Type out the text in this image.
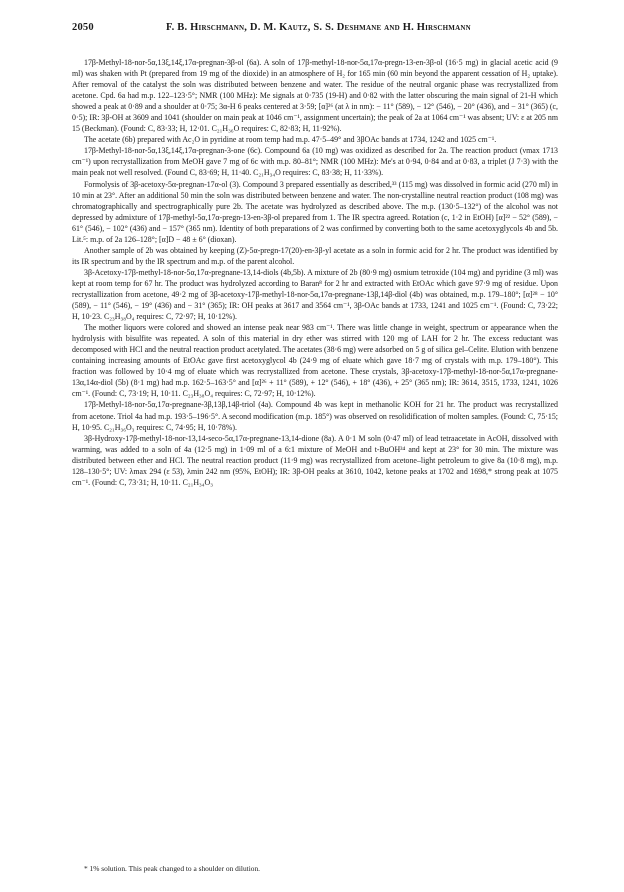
2050	F. B. Hirschmann, D. M. Kautz, S. S. Deshmane and H. Hirschmann

17β-Methyl-18-nor-5α,13ξ,14ξ,17α-pregnan-3β-ol (6a). A soln of 17β-methyl-18-nor-5α,17α-pregn-13-en-3β-ol (16·5 mg) in glacial acetic acid (9 ml) was shaken with Pt (prepared from 19 mg of the dioxide) in an atmosphere of H₂ for 165 min (60 min beyond the apparent cessation of H₂ uptake). After removal of the catalyst the soln was distributed between benzene and water. The residue of the neutral organic phase was recrystallized from acetone. Cpd. 6a had m.p. 122–123·5°; NMR (100 MHz): Me signals at 0·735 (19-H) and 0·82 with the latter obscuring the main signal of 21-H which showed a peak at 0·89 and a shoulder at 0·75; 3α-H 6 peaks centered at 3·59; [α]²⁶ (at λ in nm): − 11° (589), − 12° (546), − 20° (436), and − 31° (365) (c, 0·5); IR: 3β-OH at 3609 and 1041 (shoulder on main peak at 1046 cm⁻¹, assignment uncertain); the peak of 2a at 1064 cm⁻¹ was absent; UV: ε at 205 nm 15 (Beckman). (Found: C, 83·33; H, 12·01. C₂₁H₃₆O requires: C, 82·83; H, 11·92%).

The acetate (6b) prepared with Ac₂O in pyridine at room temp had m.p. 47·5–49° and 3βOAc bands at 1734, 1242 and 1025 cm⁻¹.

17β-Methyl-18-nor-5α,13ξ,14ξ,17α-pregnan-3-one (6c). Compound 6a (10 mg) was oxidized as described for 2a. The reaction product (νmax 1713 cm⁻¹) upon recrystallization from MeOH gave 7 mg of 6c with m.p. 80–81°; NMR (100 MHz): Me's at 0·94, 0·84 and at 0·83, a triplet (J 7·3) with the main peak not well resolved. (Found C, 83·69; H, 11·40. C₂₁H₃₄O requires: C, 83·38; H, 11·33%).

Formolysis of 3β-acetoxy-5α-pregnan-17α-ol (3). Compound 3 prepared essentially as described,³³ (115 mg) was dissolved in formic acid (270 ml) in 10 min at 23°. After an additional 50 min the soln was distributed between benzene and water. The non-crystalline neutral reaction product (108 mg) was chromatographically and spectrographically pure 2b. The acetate was hydrolyzed as described above. The m.p. (130·5–132°) of the alcohol was not depressed by admixture of 17β-methyl-5α,17α-pregn-13-en-3β-ol prepared from 1. The IR spectra agreed. Rotation (c, 1·2 in EtOH) [α]²² − 52° (589), − 61° (546), − 102° (436) and − 157° (365 nm). Identity of both preparations of 2 was confirmed by converting both to the same acetoxyglycols 4b and 5b. Lit.⁵: m.p. of 2a 126–128°; [α]D − 48 ± 6° (dioxan).

Another sample of 2b was obtained by keeping (Z)-5α-pregn-17(20)-en-3β-yl acetate as a soln in formic acid for 2 hr. The product was identified by its IR spectrum and by the IR spectrum and m.p. of the parent alcohol.

3β-Acetoxy-17β-methyl-18-nor-5α,17α-pregnane-13,14-diols (4b,5b). A mixture of 2b (80·9 mg) osmium tetroxide (104 mg) and pyridine (3 ml) was kept at room temp for 67 hr. The product was hydrolyzed according to Baran⁸ for 2 hr and extracted with EtOAc which gave 97·9 mg of residue. Upon recrystallization from acetone, 49·2 mg of 3β-acetoxy-17β-methyl-18-nor-5α,17α-pregnane-13β,14β-diol (4b) was obtained, m.p. 179–180°; [α]²⁸ − 10° (589), − 11° (546), − 19° (436) and − 31° (365); IR: OH peaks at 3617 and 3564 cm⁻¹, 3β-OAc bands at 1733, 1241 and 1025 cm⁻¹. (Found: C, 73·22; H, 10·23. C₂₃H₃₈O₄ requires: C, 72·97; H, 10·12%).

The mother liquors were colored and showed an intense peak near 983 cm⁻¹. There was little change in weight, spectrum or appearance when the hydrolysis with bisulfite was repeated. A soln of this material in dry ether was stirred with 120 mg of LAH for 2 hr. The excess reductant was decomposed with HCl and the neutral reaction product acetylated. The acetates (38·6 mg) were adsorbed on 5 g of silica gel–Celite. Elution with benzene containing increasing amounts of EtOAc gave first acetoxyglycol 4b (24·9 mg of eluate which gave 18·7 mg of crystals with m.p. 179–180°). This fraction was followed by 10·4 mg of eluate which was recrystallized from acetone. These crystals, 3β-acetoxy-17β-methyl-18-nor-5α,17α-pregnane-13α,14α-diol (5b) (8·1 mg) had m.p. 162·5–163·5° and [α]²⁶ + 11° (589), + 12° (546), + 18° (436), + 25° (365 nm); IR: 3614, 3515, 1733, 1241, 1026 cm⁻¹. (Found: C, 73·19; H, 10·11. C₂₃H₃₈O₄ requires: C, 72·97; H, 10·12%).

17β-Methyl-18-nor-5α,17α-pregnane-3β,13β,14β-triol (4a). Compound 4b was kept in methanolic KOH for 21 hr. The product was recrystallized from acetone. Triol 4a had m.p. 193·5–196·5°. A second modification (m.p. 185°) was observed on resolidification of molten samples. (Found: C, 75·15; H, 10·95. C₂₁H₃₆O₃ requires: C, 74·95; H, 10·78%).

3β-Hydroxy-17β-methyl-18-nor-13,14-seco-5α,17α-pregnane-13,14-dione (8a). A 0·1 M soln (0·47 ml) of lead tetraacetate in AcOH, dissolved with warming, was added to a soln of 4a (12·5 mg) in 1·09 ml of a 6:1 mixture of MeOH and t-BuOH³⁴ and kept at 23° for 30 min. The mixture was distributed between ether and HCl. The neutral reaction product (11·9 mg) was recrystallized from acetone–light petroleum to give 8a (10·8 mg), m.p. 128–130·5°; UV: λmax 294 (ε 53), λmin 242 nm (95%, EtOH); IR: 3β-OH peaks at 3610, 1042, ketone peaks at 1702 and 1698,* strong peak at 1075 cm⁻¹. (Found: C, 73·31; H, 10·11. C₂₁H₃₄O₃

* 1% solution. This peak changed to a shoulder on dilution.
